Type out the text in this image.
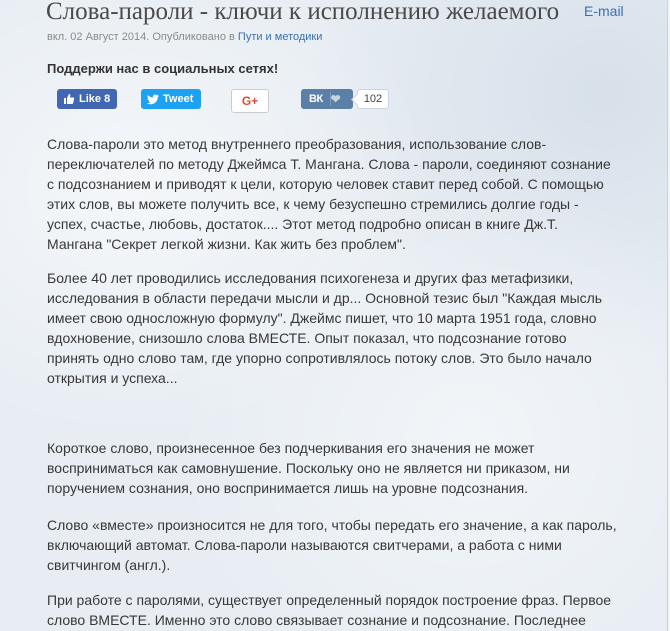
Слова-пароли - ключи к исполнению желаемого E-mail
вкл. 02 Август 2014. Опубликовано в Пути и методики
Поддержи нас в социальных сетях!
Like 8	Tweet	G+	ВК ❤	102

Слова-пароли это метод внутреннего преобразования, использование слов-переключателей по методу Джеймса Т. Мангана. Слова - пароли, соединяют сознание с подсознанием и приводят к цели, которую человек ставит перед собой. С помощью этих слов, вы можете получить все, к чему безуспешно стремились долгие годы - успех, счастье, любовь, достаток.... Этот метод подробно описан в книге Дж.Т. Мангана "Секрет легкой жизни. Как жить без проблем".

Более 40 лет проводились исследования психогенеза и других фаз метафизики, исследования в области передачи мысли и др... Основной тезис был "Каждая мысль имеет свою односложную формулу". Джеймс пишет, что 10 марта 1951 года, словно вдохновение, снизошло слова ВМЕСТЕ. Опыт показал, что подсознание готово принять одно слово там, где упорно сопротивлялось потоку слов. Это было начало открытия и успеха...

Короткое слово, произнесенное без подчеркивания его значения не может восприниматься как самовнушение. Поскольку оно не является ни приказом, ни поручением сознания, оно воспринимается лишь на уровне подсознания.

Слово «вместе» произносится не для того, чтобы передать его значение, а как пароль, включающий автомат. Слова-пароли называются свитчерами, а работа с ними свитчингом (англ.).

При работе с паролями, существует определенный порядок построение фраз. Первое слово ВМЕСТЕ. Именно это слово связывает сознание и подсознание. Последнее
